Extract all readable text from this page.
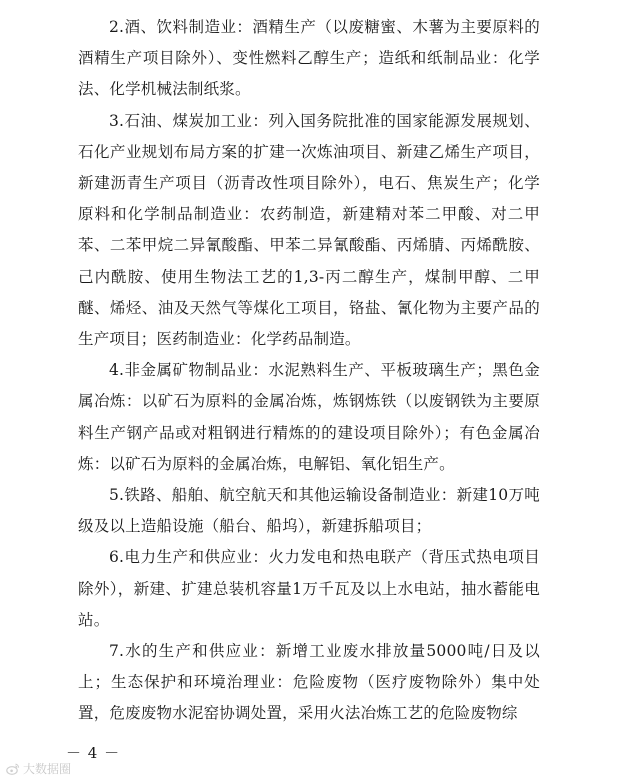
2.酒、饮料制造业：酒精生产（以废糖蜜、木薯为主要原料的酒精生产项目除外）、变性燃料乙醇生产；造纸和纸制品业：化学法、化学机械法制纸浆。

3.石油、煤炭加工业：列入国务院批准的国家能源发展规划、石化产业规划布局方案的扩建一次炼油项目、新建乙烯生产项目，新建沥青生产项目（沥青改性项目除外），电石、焦炭生产；化学原料和化学制品制造业：农药制造，新建精对苯二甲酸、对二甲苯、二苯甲烷二异氰酸酯、甲苯二异氰酸酯、丙烯腈、丙烯酰胺、己内酰胺、使用生物法工艺的1,3-丙二醇生产，煤制甲醇、二甲醚、烯烃、油及天然气等煤化工项目，铬盐、氰化物为主要产品的生产项目；医药制造业：化学药品制造。

4.非金属矿物制品业：水泥熟料生产、平板玻璃生产；黑色金属冶炼：以矿石为原料的金属冶炼，炼钢炼铁（以废钢铁为主要原料生产钢产品或对粗钢进行精炼的的建设项目除外）；有色金属冶炼：以矿石为原料的金属冶炼，电解铝、氧化铝生产。

5.铁路、船舶、航空航天和其他运输设备制造业：新建10万吨级及以上造船设施（船台、船坞），新建拆船项目；

6.电力生产和供应业：火力发电和热电联产（背压式热电项目除外），新建、扩建总装机容量1万千瓦及以上水电站，抽水蓄能电站。

7.水的生产和供应业：新增工业废水排放量5000吨/日及以上；生态保护和环境治理业：危险废物（医疗废物除外）集中处置，危废废物水泥窑协调处置，采用火法冶炼工艺的危险废物综

－ 4 －
大数据圈
